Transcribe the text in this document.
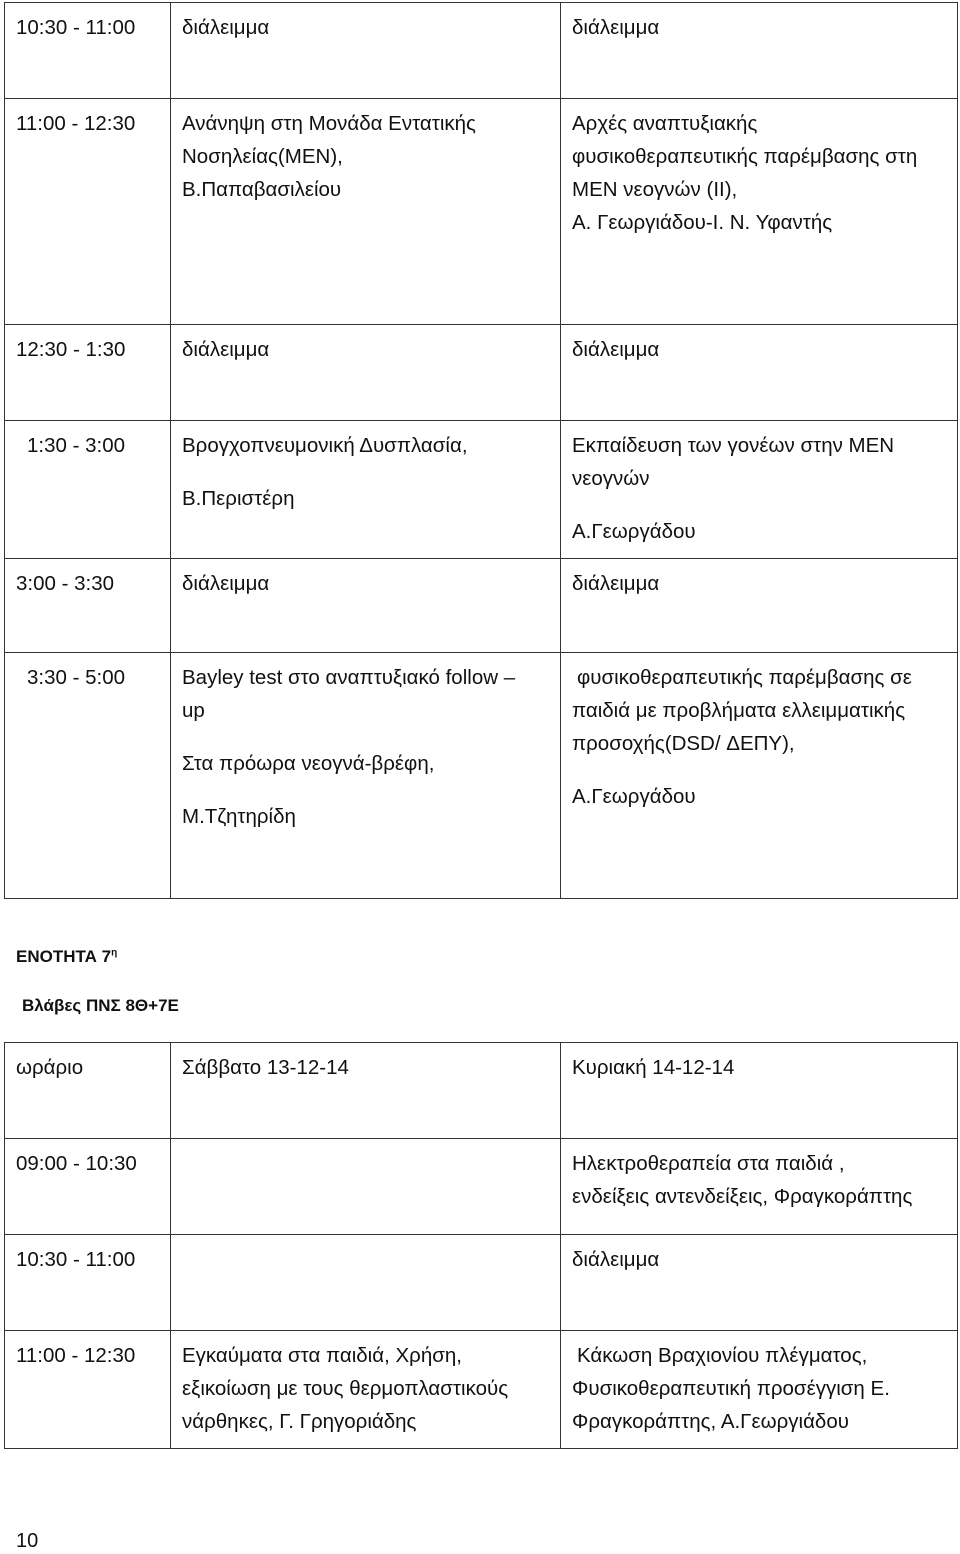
10:30 - 11:00	διάλειμμα	διάλειμμα

11:00 - 12:30	Ανάνηψη στη Μονάδα Εντατικής
Νοσηλείας(ΜΕΝ),
Β.Παπαβασιλείου	Αρχές αναπτυξιακής
φυσικοθεραπευτικής παρέμβασης στη
ΜΕΝ νεογνών (ΙΙ),
Α. Γεωργιάδου-Ι. Ν. Υφαντής

12:30 - 1:30	διάλειμμα	διάλειμμα

1:30 - 3:00	Βρογχοπνευμονική Δυσπλασία,
Β.Περιστέρη	Εκπαίδευση των γονέων στην ΜΕΝ
νεογνών
Α.Γεωργάδου

3:00 - 3:30	διάλειμμα	διάλειμμα

3:30 - 5:00	Bayley test στο αναπτυξιακό follow –
up
Στα πρόωρα νεογνά-βρέφη,
Μ.Τζητηρίδη	φυσικοθεραπευτικής παρέμβασης σε
παιδιά με προβλήματα ελλειμματικής
προσοχής(DSD/ ΔΕΠΥ),
Α.Γεωργάδου
ΕΝΟΤΗΤΑ $7^\eta$
Βλάβες ΠΝΣ 8Θ+7Ε
ωράριο	Σάββατο 13-12-14	Κυριακή 14-12-14

09:00 - 10:30		Ηλεκτροθεραπεία στα παιδιά ,
ενδείξεις αντενδείξεις, Φραγκοράπτης

10:30 - 11:00		διάλειμμα

11:00 - 12:30	Εγκαύματα στα παιδιά, Χρήση,
εξικοίωση με τους θερμοπλαστικούς
νάρθηκες, Γ. Γρηγοριάδης	Κάκωση Βραχιονίου πλέγματος,
Φυσικοθεραπευτική προσέγγιση Ε.
Φραγκοράπτης, Α.Γεωργιάδου
10
